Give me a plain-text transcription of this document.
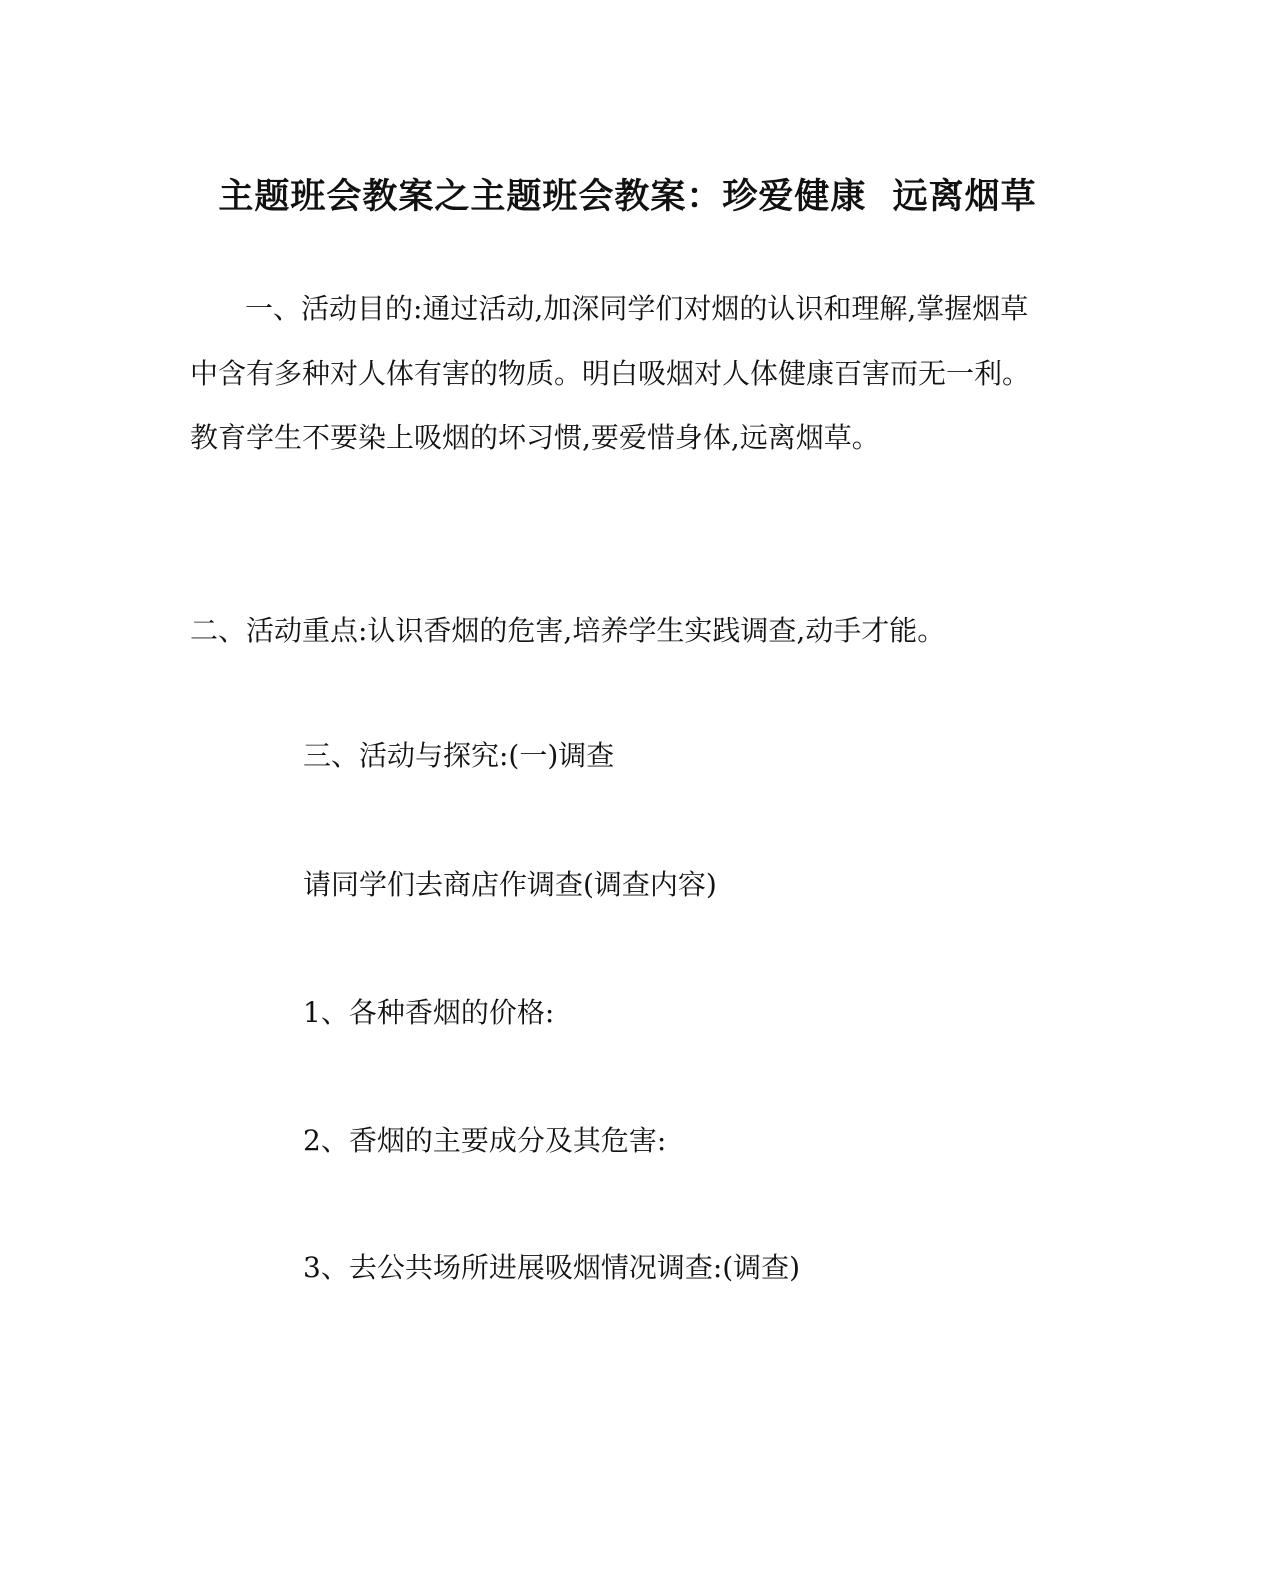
主题班会教案之主题班会教案：珍爱健康  远离烟草
一、活动目的:通过活动,加深同学们对烟的认识和理解,掌握烟草
中含有多种对人体有害的物质。明白吸烟对人体健康百害而无一利。
教育学生不要染上吸烟的坏习惯,要爱惜身体,远离烟草。
二、活动重点:认识香烟的危害,培养学生实践调查,动手才能。
三、活动与探究:(一)调查
请同学们去商店作调查(调查内容)
1、各种香烟的价格:
2、香烟的主要成分及其危害:
3、去公共场所进展吸烟情况调查:(调查)
